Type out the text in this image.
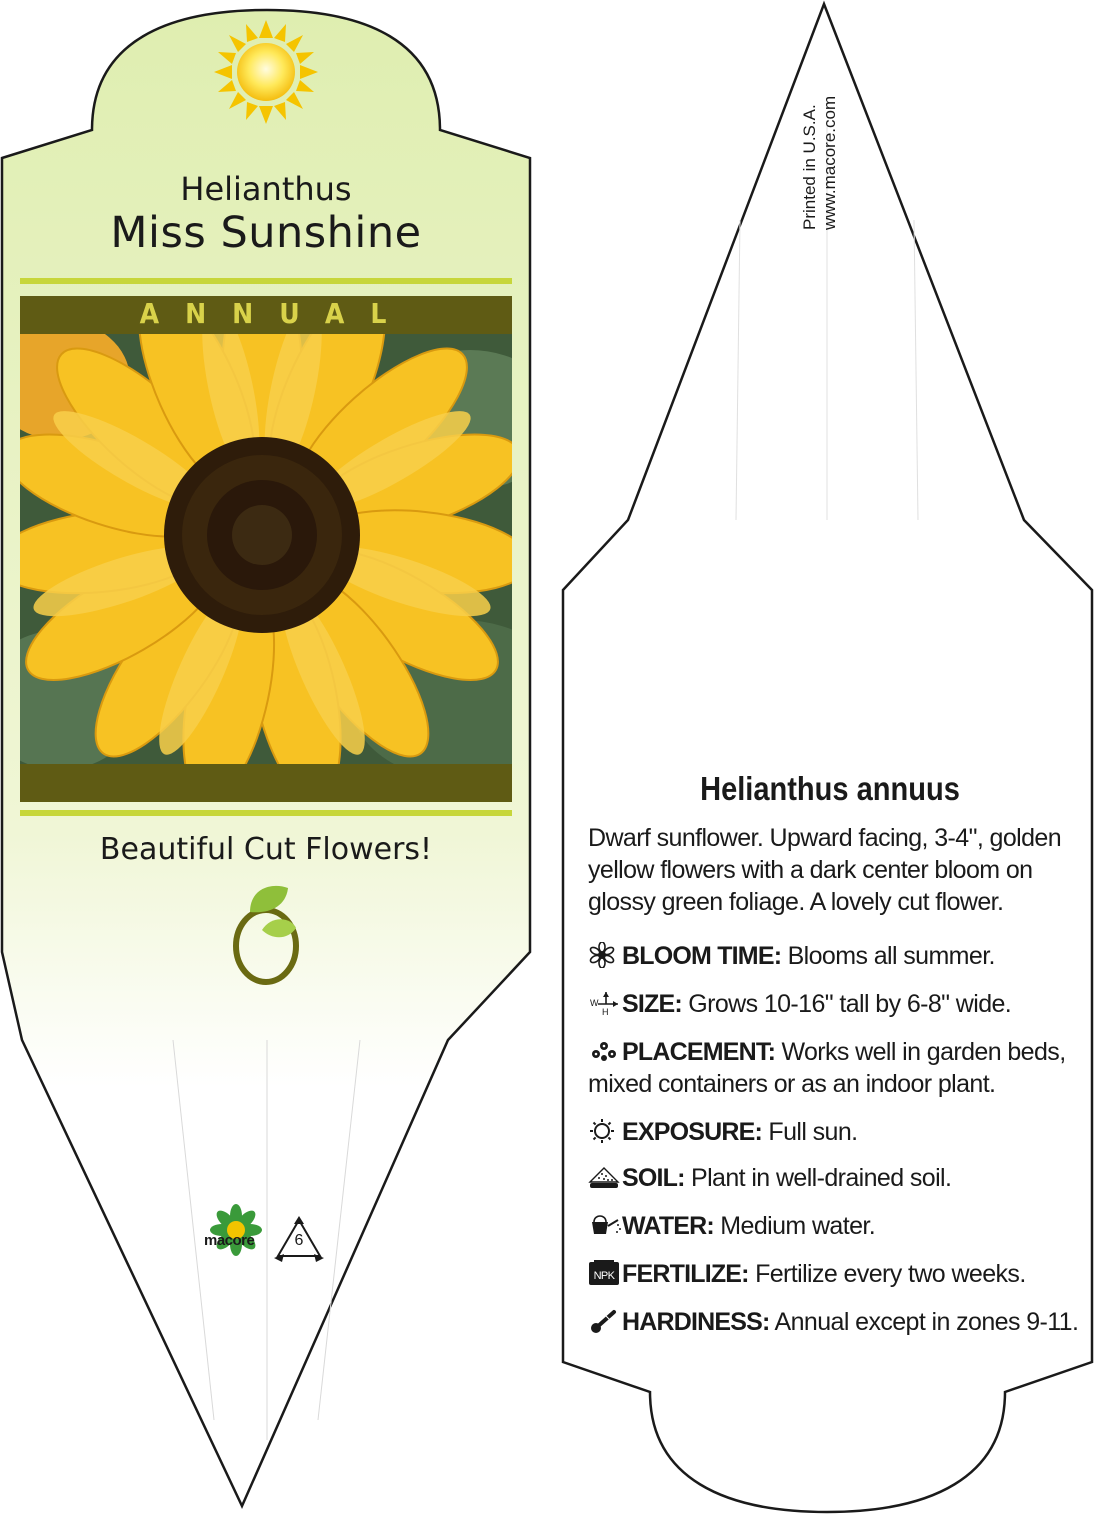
Helianthus
Miss Sunshine
ANNUAL
Beautiful Cut Flowers!
macore	6
Printed in U.S.A. www.macore.com
Helianthus annuus
Dwarf sunflower. Upward facing, 3-4", golden yellow flowers with a dark center bloom on glossy green foliage. A lovely cut flower.
BLOOM TIME: Blooms all summer.
W
H SIZE: Grows 10-16" tall by 6-8" wide.
PLACEMENT: Works well in garden beds, mixed containers or as an indoor plant.
EXPOSURE: Full sun.
SOIL: Plant in well-drained soil.
WATER: Medium water.
NPK FERTILIZE: Fertilize every two weeks.
HARDINESS: Annual except in zones 9-11.
